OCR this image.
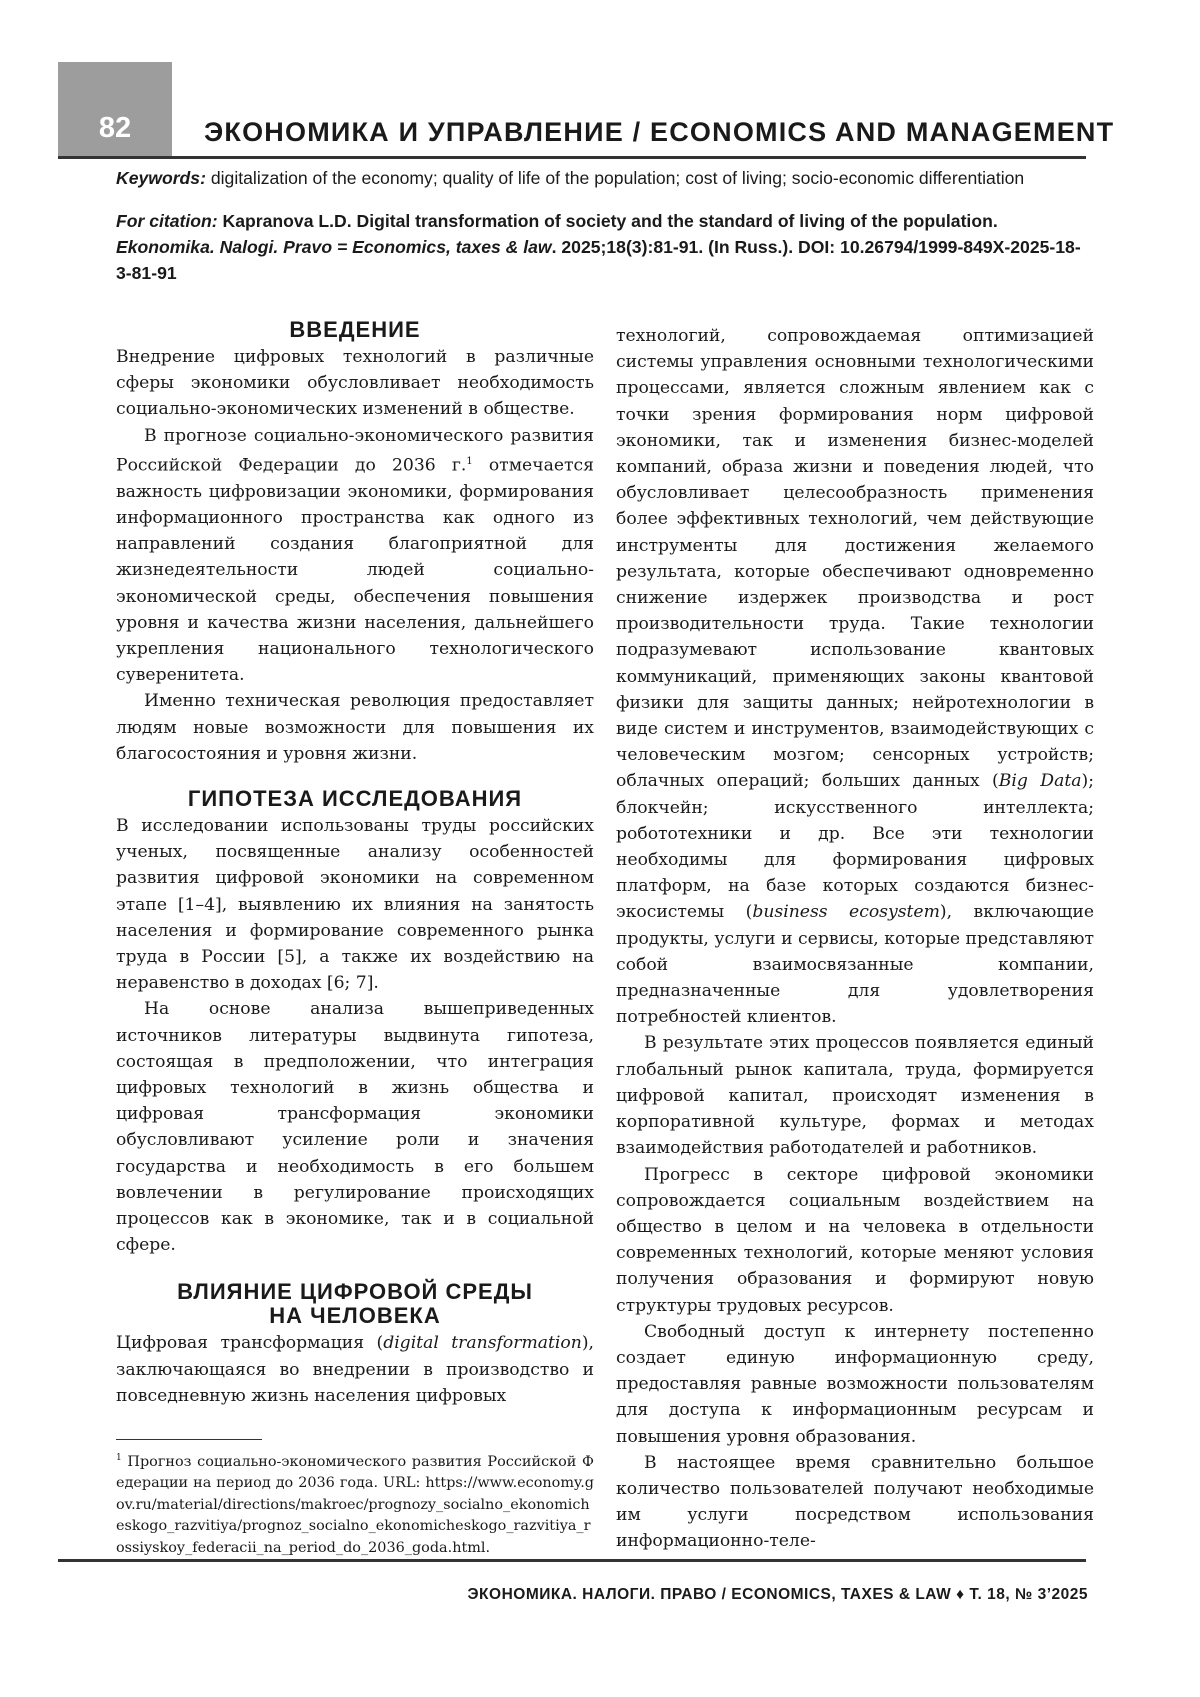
82	ЭКОНОМИКА И УПРАВЛЕНИЕ / ECONOMICS AND MANAGEMENT
Keywords: digitalization of the economy; quality of life of the population; cost of living; socio-economic differentiation
For citation: Kapranova L.D. Digital transformation of society and the standard of living of the population. Ekonomika. Nalogi. Pravo = Economics, taxes & law. 2025;18(3):81-91. (In Russ.). DOI: 10.26794/1999-849X-2025-18-3-81-91
ВВЕДЕНИЕ

Внедрение цифровых технологий в различные сферы экономики обусловливает необходимость социально-экономических изменений в обществе.

В прогнозе социально-экономического развития Российской Федерации до 2036 г.$^1$ отмечается важность цифровизации экономики, формирования информационного пространства как одного из направлений создания благоприятной для жизнедеятельности людей социально-экономической среды, обеспечения повышения уровня и качества жизни населения, дальнейшего укрепления национального технологического суверенитета.

Именно техническая революция предоставляет людям новые возможности для повышения их благосостояния и уровня жизни.

ГИПОТЕЗА ИССЛЕДОВАНИЯ

В исследовании использованы труды российских ученых, посвященные анализу особенностей развития цифровой экономики на современном этапе [1–4], выявлению их влияния на занятость населения и формирование современного рынка труда в России [5], а также их воздействию на неравенство в доходах [6; 7].

На основе анализа вышеприведенных источников литературы выдвинута гипотеза, состоящая в предположении, что интеграция цифровых технологий в жизнь общества и цифровая трансформация экономики обусловливают усиление роли и значения государства и необходимость в его большем вовлечении в регулирование происходящих процессов как в экономике, так и в социальной сфере.

ВЛИЯНИЕ ЦИФРОВОЙ СРЕДЫ
НА ЧЕЛОВЕКА

Цифровая трансформация (digital transformation), заключающаяся во внедрении в производство и повседневную жизнь населения цифровых

$^1$ Прогноз социально-экономического развития Российской Федерации на период до 2036 года. URL: https://www.economy.gov.ru/material/directions/makroec/prognozy_socialno_ekonomicheskogo_razvitiya/prognoz_socialno_ekonomicheskogo_razvitiya_rossiyskoy_federacii_na_period_do_2036_goda.html.

технологий, сопровождаемая оптимизацией системы управления основными технологическими процессами, является сложным явлением как с точки зрения формирования норм цифровой экономики, так и изменения бизнес-моделей компаний, образа жизни и поведения людей, что обусловливает целесообразность применения более эффективных технологий, чем действующие инструменты для достижения желаемого результата, которые обеспечивают одновременно снижение издержек производства и рост производительности труда. Такие технологии подразумевают использование квантовых коммуникаций, применяющих законы квантовой физики для защиты данных; нейротехнологии в виде систем и инструментов, взаимодействующих с человеческим мозгом; сенсорных устройств; облачных операций; больших данных (Big Data); блокчейн; искусственного интеллекта; робототехники и др. Все эти технологии необходимы для формирования цифровых платформ, на базе которых создаются бизнес-экосистемы (business ecosystem), включающие продукты, услуги и сервисы, которые представляют собой взаимосвязанные компании, предназначенные для удовлетворения потребностей клиентов.

В результате этих процессов появляется единый глобальный рынок капитала, труда, формируется цифровой капитал, происходят изменения в корпоративной культуре, формах и методах взаимодействия работодателей и работников.

Прогресс в секторе цифровой экономики сопровождается социальным воздействием на общество в целом и на человека в отдельности современных технологий, которые меняют условия получения образования и формируют новую структуры трудовых ресурсов.

Свободный доступ к интернету постепенно создает единую информационную среду, предоставляя равные возможности пользователям для доступа к информационным ресурсам и повышения уровня образования.

В настоящее время сравнительно большое количество пользователей получают необходимые им услуги посредством использования информационно-теле-

ЭКОНОМИКА. НАЛОГИ. ПРАВО / ECONOMICS, TAXES & LAW ♦ Т. 18, № 3’2025
